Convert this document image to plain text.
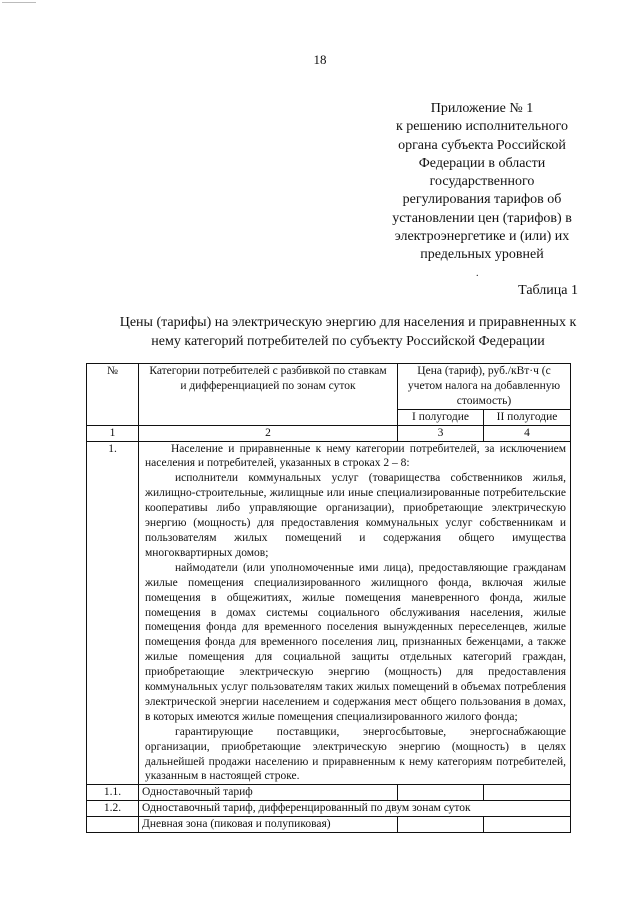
18
Приложение № 1
к решению исполнительного
органа субъекта Российской
Федерации в области
государственного
регулирования тарифов об
установлении цен (тарифов) в
электроэнергетике и (или) их
предельных уровней
.
Таблица 1
Цены (тарифы) на электрическую энергию для населения и приравненных к
нему категорий потребителей по субъекту Российской Федерации
№	Категории потребителей с разбивкой по ставкам и дифференциацией по зонам суток	Цена (тариф), руб./кВт·ч (с учетом налога на добавленную стоимость)	
		I полугодие	II полугодие
1	2	3	4
1.	Население и приравненные к нему категории потребителей, за исключением населения и потребителей, указанных в строках 2 – 8:

исполнители коммунальных услуг (товарищества собственников жилья, жилищно-строительные, жилищные или иные специализированные потребительские кооперативы либо управляющие организации), приобретающие электрическую энергию (мощность) для предоставления коммунальных услуг собственникам и пользователям жилых помещений и содержания общего имущества многоквартирных домов;

наймодатели (или уполномоченные ими лица), предоставляющие гражданам жилые помещения специализированного жилищного фонда, включая жилые помещения в общежитиях, жилые помещения маневренного фонда, жилые помещения в домах системы социального обслуживания населения, жилые помещения фонда для временного поселения вынужденных переселенцев, жилые помещения фонда для временного поселения лиц, признанных беженцами, а также жилые помещения для социальной защиты отдельных категорий граждан, приобретающие электрическую энергию (мощность) для предоставления коммунальных услуг пользователям таких жилых помещений в объемах потребления электрической энергии населением и содержания мест общего пользования в домах, в которых имеются жилые помещения специализированного жилого фонда;

гарантирующие поставщики, энергосбытовые, энергоснабжающие организации, приобретающие электрическую энергию (мощность) в целях дальнейшей продажи населению и приравненным к нему категориям потребителей, указанным в настоящей строке.		

1.1.	Одноставочный тариф		
1.2.	Одноставочный тариф, дифференцированный по двум зонам суток		
	Дневная зона (пиковая и полупиковая)		
